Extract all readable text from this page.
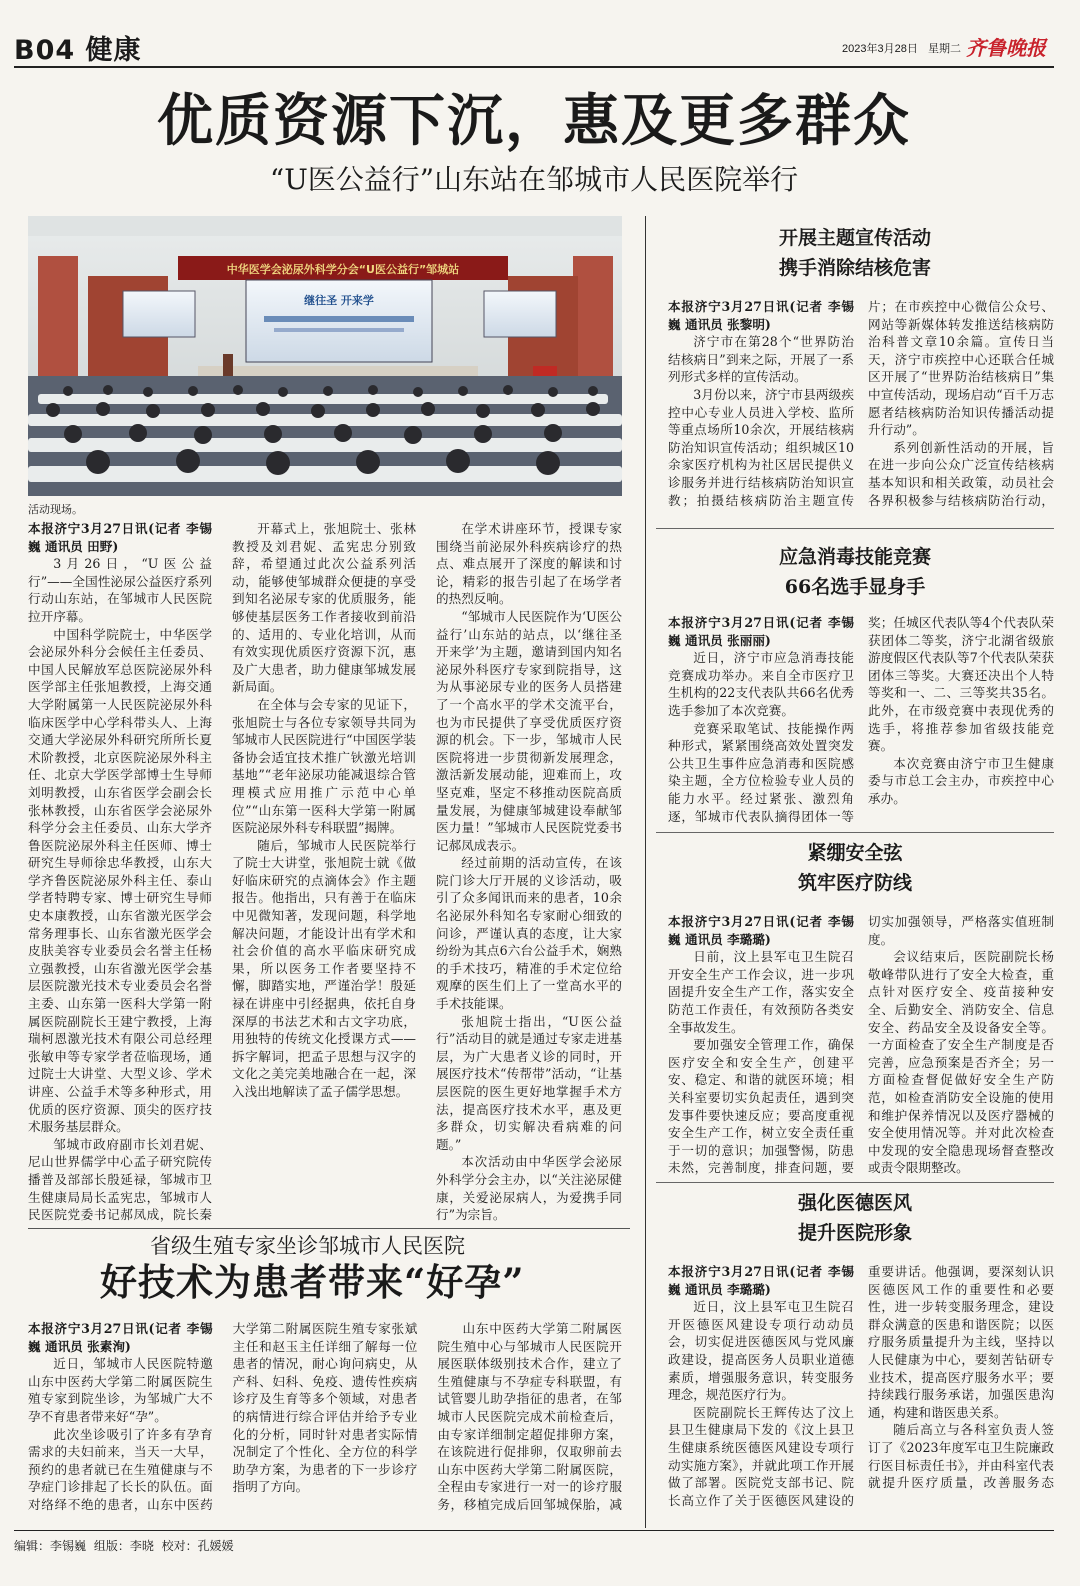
B04 健康	2023年3月28日 星期二 齐鲁晚报
优质资源下沉，惠及更多群众
“U医公益行”山东站在邹城市人民医院举行
中华医学会泌尿外科学分会“U医公益行”邹城站
继往圣 开来学
活动现场。

本报济宁3月27日讯(记者 李锡巍 通讯员 田野)

3月26日，“U医公益行”——全国性泌尿公益医疗系列行动山东站，在邹城市人民医院拉开序幕。

中国科学院院士，中华医学会泌尿外科分会候任主任委员、中国人民解放军总医院泌尿外科医学部主任张旭教授，上海交通大学附属第一人民医院泌尿外科临床医学中心学科带头人、上海交通大学泌尿外科研究所所长夏术阶教授，北京医院泌尿外科主任、北京大学医学部博士生导师刘明教授，山东省医学会副会长张林教授，山东省医学会泌尿外科学分会主任委员、山东大学齐鲁医院泌尿外科主任医师、博士研究生导师徐忠华教授，山东大学齐鲁医院泌尿外科主任、泰山学者特聘专家、博士研究生导师史本康教授，山东省激光医学会常务理事长、山东省激光医学会皮肤美容专业委员会名誉主任杨立强教授，山东省激光医学会基层医院激光技术专业委员会名誉主委、山东第一医科大学第一附属医院副院长王建宁教授，上海瑞柯恩激光技术有限公司总经理张敏申等专家学者莅临现场，通过院士大讲堂、大型义诊、学术讲座、公益手术等多种形式，用优质的医疗资源、顶尖的医疗技术服务基层群众。

邹城市政府副市长刘君妮、尼山世界儒学中心孟子研究院传播普及部部长殷延禄，邹城市卫生健康局局长孟宪忠，邹城市人民医院党委书记郝凤成，院长秦

开幕式上，张旭院士、张林教授及刘君妮、孟宪忠分别致辞，希望通过此次公益系列活动，能够使邹城群众便捷的享受到知名泌尿专家的优质服务，能够使基层医务工作者接收到前沿的、适用的、专业化培训，从而有效实现优质医疗资源下沉，惠及广大患者，助力健康邹城发展新局面。

在全体与会专家的见证下，张旭院士与各位专家领导共同为邹城市人民医院进行“中国医学装备协会适宜技术推广钬激光培训基地”“老年泌尿功能减退综合管理模式应用推广示范中心单位”“山东第一医科大学第一附属医院泌尿外科专科联盟”揭牌。

随后，邹城市人民医院举行了院士大讲堂，张旭院士就《做好临床研究的点滴体会》作主题报告。他指出，只有善于在临床中见微知著，发现问题，科学地解决问题，才能设计出有学术和社会价值的高水平临床研究成果，所以医务工作者要坚持不懈，脚踏实地，严谨治学！殷延禄在讲座中引经据典，依托自身深厚的书法艺术和古文字功底，用独特的传统文化授课方式——拆字解词，把孟子思想与汉字的文化之美完美地融合在一起，深入浅出地解读了孟子儒学思想。

在学术讲座环节，授课专家围绕当前泌尿外科疾病诊疗的热点、难点展开了深度的解读和讨论，精彩的报告引起了在场学者的热烈反响。

“邹城市人民医院作为‘U医公益行’山东站的站点，以‘继往圣 开来学’为主题，邀请到国内知名泌尿外科医疗专家到院指导，这为从事泌尿专业的医务人员搭建了一个高水平的学术交流平台，也为市民提供了享受优质医疗资源的机会。下一步，邹城市人民医院将进一步贯彻新发展理念，激活新发展动能，迎难而上，攻坚克难，坚定不移推动医院高质量发展，为健康邹城建设奉献邹医力量！”邹城市人民医院党委书记郝凤成表示。

经过前期的活动宣传，在该院门诊大厅开展的义诊活动，吸引了众多闻讯而来的患者，10余名泌尿外科知名专家耐心细致的问诊，严谨认真的态度，让大家纷纷为其点6六台公益手术，娴熟的手术技巧，精准的手术定位给观摩的医生们上了一堂高水平的手术技能课。

张旭院士指出，“U医公益行”活动目的就是通过专家走进基层，为广大患者义诊的同时，开展医疗技术“传帮带”活动，“让基层医院的医生更好地掌握手术方法，提高医疗技术水平，惠及更多群众，切实解决看病难的问题。”

本次活动由中华医学会泌尿外科学分会主办，以“关注泌尿健康，关爱泌尿病人，为爱携手同行”为宗旨。

开展主题宣传活动
携手消除结核危害

本报济宁3月27日讯(记者 李锡巍 通讯员 张黎明)

济宁市在第28个“世界防治结核病日”到来之际，开展了一系列形式多样的宣传活动。

3月份以来，济宁市县两级疾控中心专业人员进入学校、监所等重点场所10余次，开展结核病防治知识宣传活动；组织城区10余家医疗机构为社区居民提供义诊服务并进行结核病防治知识宣教；拍摄结核病防治主题宣传片；在市疾控中心微信公众号、网站等新媒体转发推送结核病防治科普文章10余篇。宣传日当天，济宁市疾控中心还联合任城区开展了“世界防治结核病日”集中宣传活动，现场启动“百千万志愿者结核病防治知识传播活动提升行动”。

系列创新性活动的开展，旨在进一步向公众广泛宣传结核病基本知识和相关政策，动员社会各界积极参与结核病防治行动，

应急消毒技能竞赛
66名选手显身手

本报济宁3月27日讯(记者 李锡巍 通讯员 张丽丽)

近日，济宁市应急消毒技能竞赛成功举办。来自全市医疗卫生机构的22支代表队共66名优秀选手参加了本次竞赛。

竞赛采取笔试、技能操作两种形式，紧紧围绕高效处置突发公共卫生事件应急消毒和医院感染主题，全方位检验专业人员的能力水平。经过紧张、激烈角逐，邹城市代表队摘得团体一等奖；任城区代表队等4个代表队荣获团体二等奖，济宁北湖省级旅游度假区代表队等7个代表队荣获团体三等奖。大赛还决出个人特等奖和一、二、三等奖共35名。此外，在市级竞赛中表现优秀的选手，将推荐参加省级技能竞赛。

本次竞赛由济宁市卫生健康委与市总工会主办，市疾控中心承办。

紧绷安全弦
筑牢医疗防线

本报济宁3月27日讯(记者 李锡巍 通讯员 李璐璐)

日前，汶上县军屯卫生院召开安全生产工作会议，进一步巩固提升安全生产工作，落实安全防范工作责任，有效预防各类安全事故发生。

要加强安全管理工作，确保医疗安全和安全生产，创建平安、稳定、和谐的就医环境；相关科室要切实负起责任，遇到突发事件要快速反应；要高度重视安全生产工作，树立安全责任重于一切的意识；加强警惕，防患未然，完善制度，排查问题，要切实加强领导，严格落实值班制度。

会议结束后，医院副院长杨敬峰带队进行了安全大检查，重点针对医疗安全、疫苗接种安全、后勤安全、消防安全、信息安全、药品安全及设备安全等。一方面检查了安全生产制度是否完善，应急预案是否齐全；另一方面检查督促做好安全生产防范，如检查消防安全设施的使用和维护保养情况以及医疗器械的安全使用情况等。并对此次检查中发现的安全隐患现场督查整改或责令限期整改。

强化医德医风
提升医院形象

本报济宁3月27日讯(记者 李锡巍 通讯员 李璐璐)

近日，汶上县军屯卫生院召开医德医风建设专项行动动员会，切实促进医德医风与党风廉政建设，提高医务人员职业道德素质，增强服务意识，转变服务理念，规范医疗行为。

医院副院长王辉传达了汶上县卫生健康局下发的《汶上县卫生健康系统医德医风建设专项行动实施方案》，并就此项工作开展做了部署。医院党支部书记、院长高立作了关于医德医风建设的重要讲话。他强调，要深刻认识医德医风工作的重要性和必要性，进一步转变服务理念，建设群众满意的医患和谐医院；以医疗服务质量提升为主线，坚持以人民健康为中心，要刻苦钻研专业技术，提高医疗服务水平；要持续践行服务承诺，加强医患沟通，构建和谐医患关系。

随后高立与各科室负责人签订了《2023年度军屯卫生院廉政行医目标责任书》，并由科室代表就提升医疗质量，改善服务态

省级生殖专家坐诊邹城市人民医院
好技术为患者带来“好孕”

本报济宁3月27日讯(记者 李锡巍 通讯员 张素洵)

近日，邹城市人民医院特邀山东中医药大学第二附属医院生殖专家到院坐诊，为邹城广大不孕不育患者带来好“孕”。

此次坐诊吸引了许多有孕育需求的夫妇前来，当天一大早，预约的患者就已在生殖健康与不孕症门诊排起了长长的队伍。面对络绎不绝的患者，山东中医药大学第二附属医院生殖专家张斌主任和赵玉主任详细了解每一位患者的情况，耐心询问病史，从产科、妇科、免疫、遗传性疾病诊疗及生育等多个领域，对患者的病情进行综合评估并给予专业化的分析，同时针对患者实际情况制定了个性化、全方位的科学助孕方案，为患者的下一步诊疗指明了方向。

山东中医药大学第二附属医院生殖中心与邹城市人民医院开展医联体级别技术合作，建立了生殖健康与不孕症专科联盟，有试管婴儿助孕指征的患者，在邹城市人民医院完成术前检查后，由专家详细制定超促排卵方案，在该院进行促排卵，仅取卵前去山东中医药大学第二附属医院，全程由专家进行一对一的诊疗服务，移植完成后回邹城保胎，减

编辑：李锡巍 组版：李晓 校对：孔媛媛
